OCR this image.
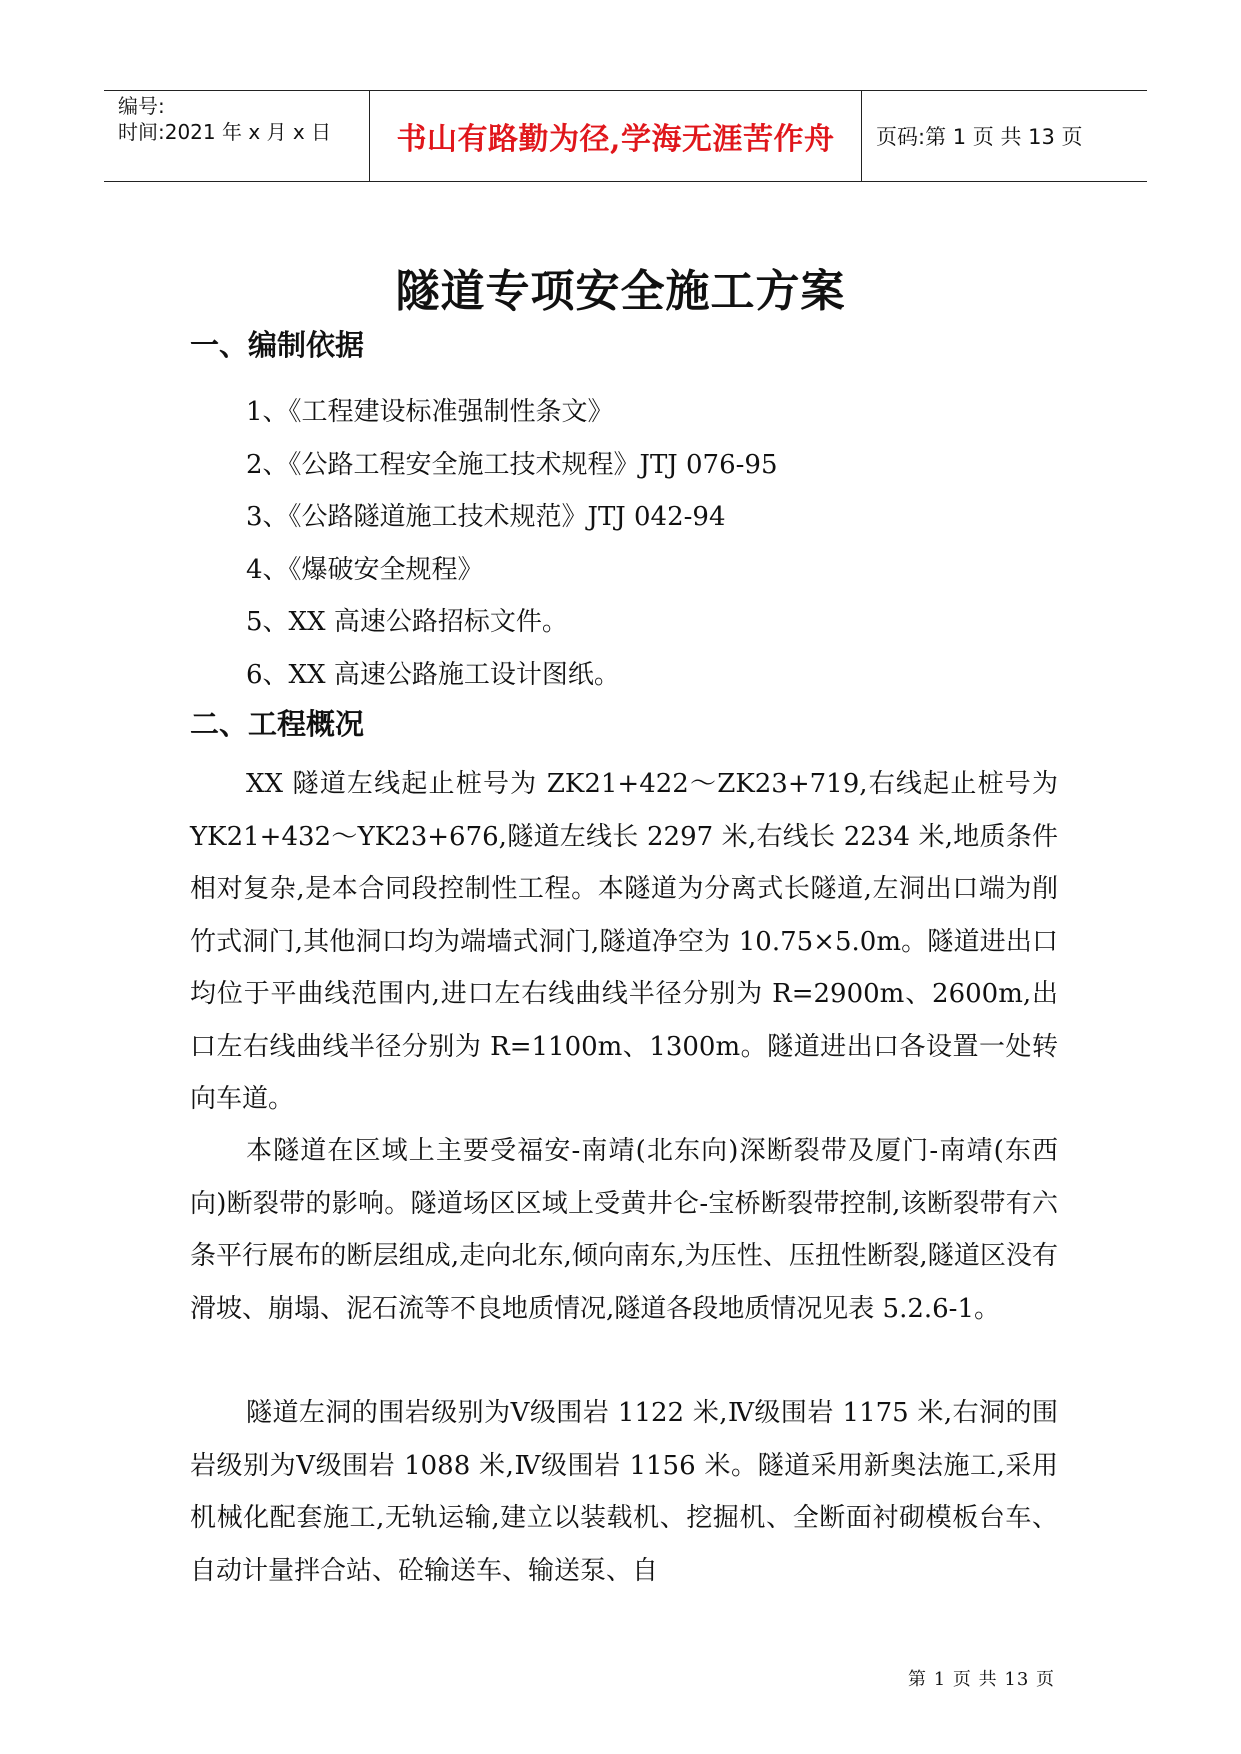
编号:
时间:2021 年 x 月 x 日	书山有路勤为径,学海无涯苦作舟	页码:第 1 页 共 13 页
隧道专项安全施工方案
一、编制依据
1、《工程建设标准强制性条文》
2、《公路工程安全施工技术规程》JTJ 076-95
3、《公路隧道施工技术规范》JTJ 042-94
4、《爆破安全规程》
5、XX 高速公路招标文件。
6、XX 高速公路施工设计图纸。
二、工程概况

XX 隧道左线起止桩号为 ZK21+422～ZK23+719,右线起止桩号为 YK21+432～YK23+676,隧道左线长 2297 米,右线长 2234 米,地质条件相对复杂,是本合同段控制性工程。本隧道为分离式长隧道,左洞出口端为削竹式洞门,其他洞口均为端墙式洞门,隧道净空为 10.75×5.0m。隧道进出口均位于平曲线范围内,进口左右线曲线半径分别为 R=2900m、2600m,出口左右线曲线半径分别为 R=1100m、1300m。隧道进出口各设置一处转向车道。

本隧道在区域上主要受福安-南靖(北东向)深断裂带及厦门-南靖(东西向)断裂带的影响。隧道场区区域上受黄井仑-宝桥断裂带控制,该断裂带有六条平行展布的断层组成,走向北东,倾向南东,为压性、压扭性断裂,隧道区没有滑坡、崩塌、泥石流等不良地质情况,隧道各段地质情况见表 5.2.6-1。

隧道左洞的围岩级别为Ⅴ级围岩 1122 米,Ⅳ级围岩 1175 米,右洞的围岩级别为Ⅴ级围岩 1088 米,Ⅳ级围岩 1156 米。隧道采用新奥法施工,采用机械化配套施工,无轨运输,建立以装载机、挖掘机、全断面衬砌模板台车、自动计量拌合站、砼输送车、输送泵、自

第 1 页 共 13 页
